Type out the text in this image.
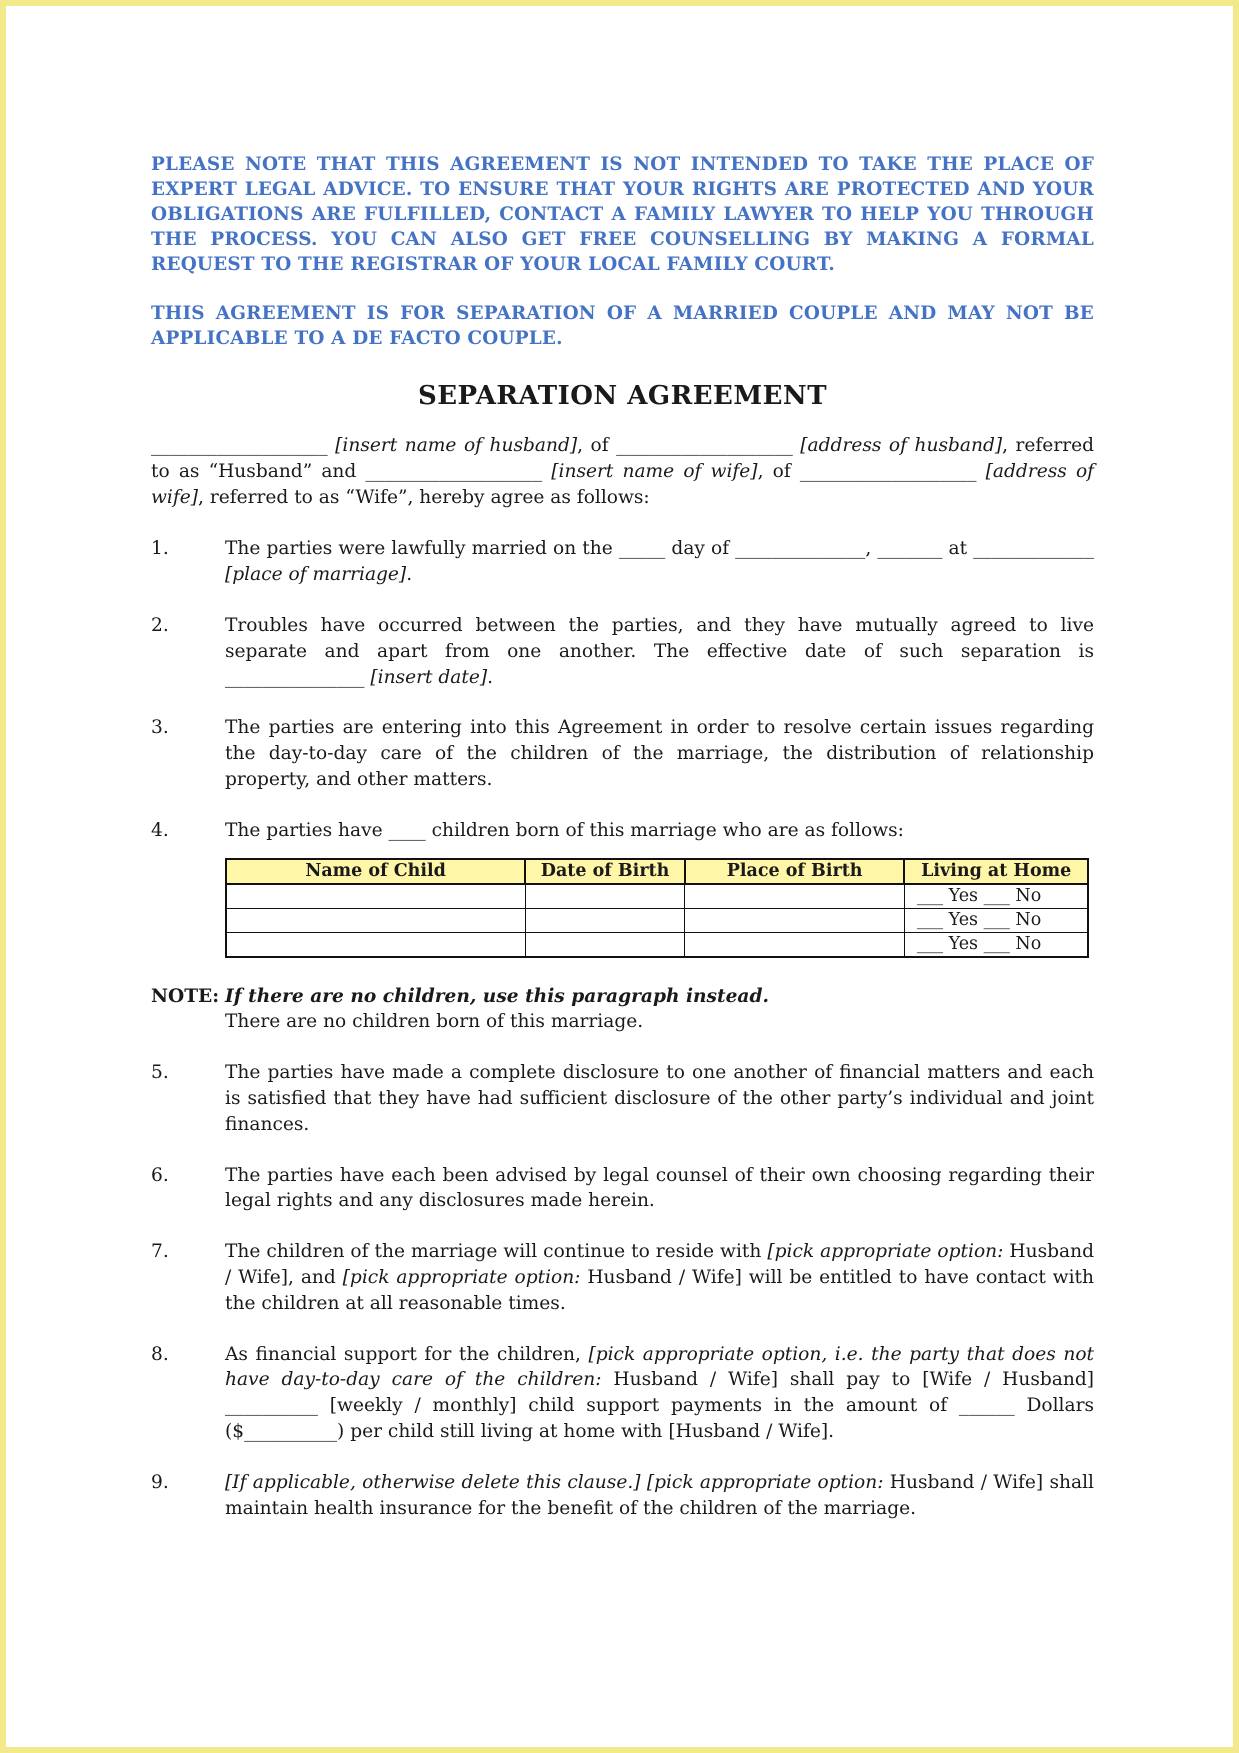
PLEASE NOTE THAT THIS AGREEMENT IS NOT INTENDED TO TAKE THE PLACE OF EXPERT LEGAL ADVICE. TO ENSURE THAT YOUR RIGHTS ARE PROTECTED AND YOUR OBLIGATIONS ARE FULFILLED, CONTACT A FAMILY LAWYER TO HELP YOU THROUGH THE PROCESS. YOU CAN ALSO GET FREE COUNSELLING BY MAKING A FORMAL REQUEST TO THE REGISTRAR OF YOUR LOCAL FAMILY COURT.

THIS AGREEMENT IS FOR SEPARATION OF A MARRIED COUPLE AND MAY NOT BE APPLICABLE TO A DE FACTO COUPLE.

SEPARATION AGREEMENT

___________________ [insert name of husband], of ___________________ [address of husband], referred to as “Husband” and ___________________ [insert name of wife], of ___________________ [address of wife], referred to as “Wife”, hereby agree as follows:

1.	The parties were lawfully married on the _____ day of ______________, _______ at _____________ [place of marriage].
2.	Troubles have occurred between the parties, and they have mutually agreed to live separate and apart from one another. The effective date of such separation is _______________ [insert date].
3.	The parties are entering into this Agreement in order to resolve certain issues regarding the day-to-day care of the children of the marriage, the distribution of relationship property, and other matters.
4.	The parties have ____ children born of this marriage who are as follows:
Name of Child	Date of Birth	Place of Birth	Living at Home
			___ Yes ___ No
			___ Yes ___ No
			___ Yes ___ No
NOTE: If there are no children, use this paragraph instead.
There are no children born of this marriage.
5.	The parties have made a complete disclosure to one another of financial matters and each is satisfied that they have had sufficient disclosure of the other party’s individual and joint finances.
6.	The parties have each been advised by legal counsel of their own choosing regarding their legal rights and any disclosures made herein.
7.	The children of the marriage will continue to reside with [pick appropriate option: Husband / Wife], and [pick appropriate option: Husband / Wife] will be entitled to have contact with the children at all reasonable times.
8.	As financial support for the children, [pick appropriate option, i.e. the party that does not have day-to-day care of the children: Husband / Wife] shall pay to [Wife / Husband] __________ [weekly / monthly] child support payments in the amount of ______ Dollars ($__________) per child still living at home with [Husband / Wife].
9.	[If applicable, otherwise delete this clause.] [pick appropriate option: Husband / Wife] shall maintain health insurance for the benefit of the children of the marriage.
